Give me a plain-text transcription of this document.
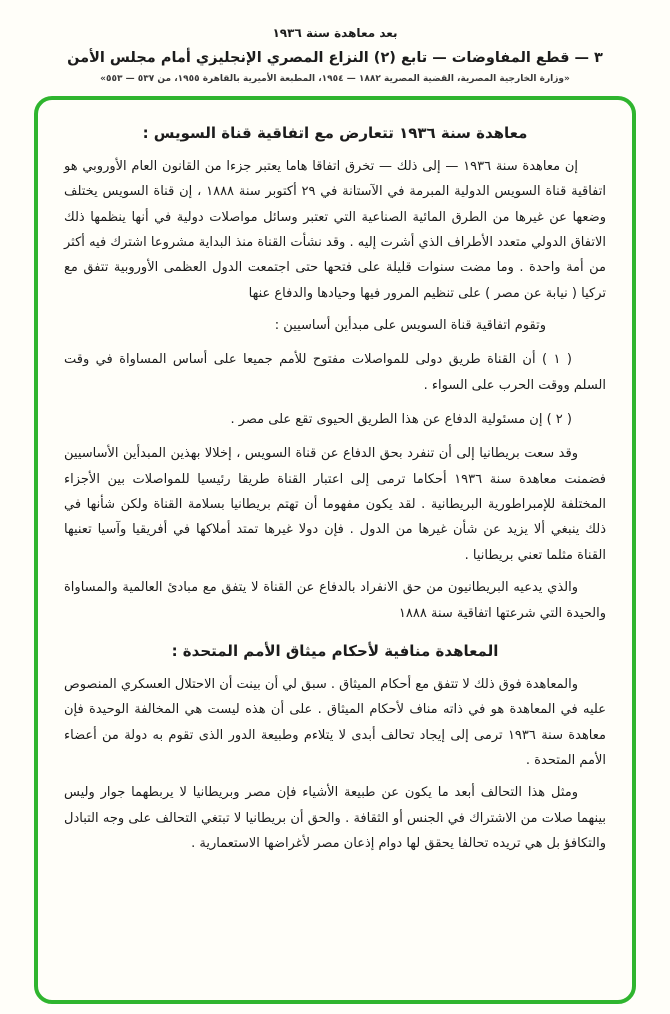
بعد معاهدة سنة ١٩٣٦
٣ — قطع المفاوضات — تابع (٢) النزاع المصري الإنجليزي أمام مجلس الأمن
«وزارة الخارجية المصرية، القضية المصرية ١٨٨٢ — ١٩٥٤، المطبعة الأميرية بالقاهرة ١٩٥٥، من ٥٣٧ — ٥٥٣»
معاهدة سنة ١٩٣٦ تتعارض مع اتفاقية قناة السويس :

إن معاهدة سنة ١٩٣٦ — إلى ذلك — تخرق اتفاقا هاما يعتبر جزءا من القانون العام الأوروبي هو اتفاقية قناة السويس الدولية المبرمة في الآستانة في ٢٩ أكتوبر سنة ١٨٨٨ ، إن قناة السويس يختلف وضعها عن غيرها من الطرق المائية الصناعية التي تعتبر وسائل مواصلات دولية في أنها ينظمها ذلك الاتفاق الدولي متعدد الأطراف الذي أشرت إليه . وقد نشأت القناة منذ البداية مشروعا اشترك فيه أكثر من أمة واحدة . وما مضت سنوات قليلة على فتحها حتى اجتمعت الدول العظمى الأوروبية تتفق مع تركيا ( نيابة عن مصر ) على تنظيم المرور فيها وحيادها والدفاع عنها

وتقوم اتفاقية قناة السويس على مبدأين أساسيين :

( ١ ) أن القناة طريق دولى للمواصلات مفتوح للأمم جميعا على أساس المساواة في وقت السلم ووقت الحرب على السواء .

( ٢ ) إن مسئولية الدفاع عن هذا الطريق الحيوى تقع على مصر .

وقد سعت بريطانيا إلى أن تنفرد بحق الدفاع عن قناة السويس ، إخلالا بهذين المبدأين الأساسيين فضمنت معاهدة سنة ١٩٣٦ أحكاما ترمى إلى اعتبار القناة طريقا رئيسيا للمواصلات بين الأجزاء المختلفة للإمبراطورية البريطانية . لقد يكون مفهوما أن تهتم بريطانيا بسلامة القناة ولكن شأنها في ذلك ينبغي ألا يزيد عن شأن غيرها من الدول . فإن دولا غيرها تمتد أملاكها في أفريقيا وآسيا تعنيها القناة مثلما تعني بريطانيا .

والذي يدعيه البريطانيون من حق الانفراد بالدفاع عن القناة لا يتفق مع مبادئ العالمية والمساواة والحيدة التي شرعتها اتفاقية سنة ١٨٨٨

المعاهدة منافية لأحكام ميثاق الأمم المتحدة :

والمعاهدة فوق ذلك لا تتفق مع أحكام الميثاق . سبق لي أن بينت أن الاحتلال العسكري المنصوص عليه في المعاهدة هو في ذاته مناف لأحكام الميثاق . على أن هذه ليست هي المخالفة الوحيدة فإن معاهدة سنة ١٩٣٦ ترمى إلى إيجاد تحالف أبدى لا يتلاءم وطبيعة الدور الذى تقوم به دولة من أعضاء الأمم المتحدة .

ومثل هذا التحالف أبعد ما يكون عن طبيعة الأشياء فإن مصر وبريطانيا لا يربطهما جوار وليس بينهما صلات من الاشتراك في الجنس أو الثقافة . والحق أن بريطانيا لا تبتغي التحالف على وجه التبادل والتكافؤ بل هي تريده تحالفا يحقق لها دوام إذعان مصر لأغراضها الاستعمارية .
